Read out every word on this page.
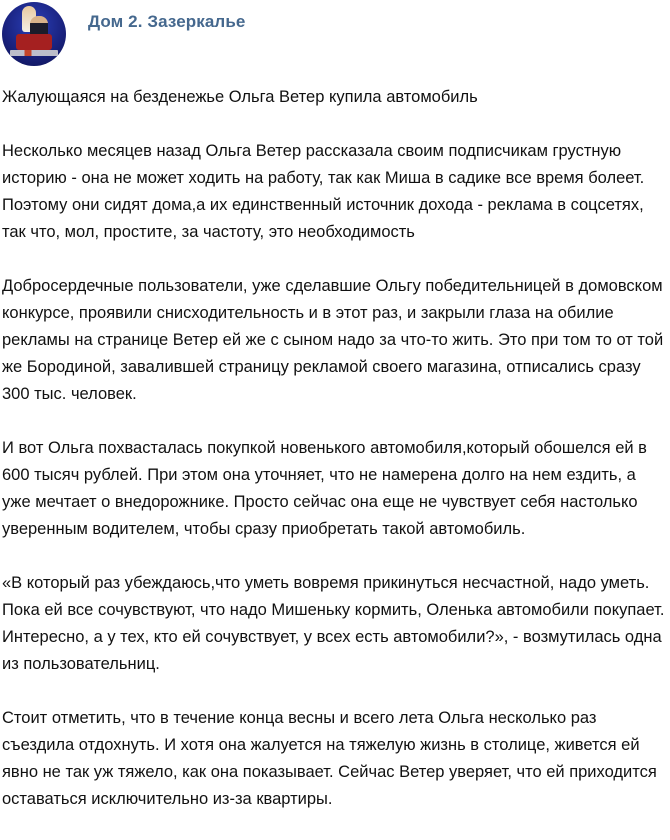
Дом 2. Зазеркалье

Жалующаяся на безденежье Ольга Ветер купила автомобиль

Несколько месяцев назад Ольга Ветер рассказала своим подписчикам грустную историю - она не может ходить на работу, так как Миша в садике все время болеет. Поэтому они сидят дома,а их единственный источник дохода - реклама в соцсетях, так что, мол, простите, за частоту, это необходимость

Добросердечные пользователи, уже сделавшие Ольгу победительницей в домовском конкурсе, проявили снисходительность и в этот раз, и закрыли глаза на обилие рекламы на странице Ветер ей же с сыном надо за что-то жить. Это при том то от той же Бородиной, завалившей страницу рекламой своего магазина, отписались сразу 300 тыс. человек.

И вот Ольга похвасталась покупкой новенького автомобиля,который обошелся ей в 600 тысяч рублей. При этом она уточняет, что не намерена долго на нем ездить, а уже мечтает о внедорожнике. Просто сейчас она еще не чувствует себя настолько уверенным водителем, чтобы сразу приобретать такой автомобиль.

«В который раз убеждаюсь,что уметь вовремя прикинуться несчастной, надо уметь. Пока ей все сочувствуют, что надо Мишеньку кормить, Оленька автомобили покупает. Интересно, а у тех, кто ей сочувствует, у всех есть автомобили?», - возмутилась одна из пользовательниц.

Стоит отметить, что в течение конца весны и всего лета Ольга несколько раз съездила отдохнуть. И хотя она жалуется на тяжелую жизнь в столице, живется ей явно не так уж тяжело, как она показывает. Сейчас Ветер уверяет, что ей приходится оставаться исключительно из-за квартиры.
